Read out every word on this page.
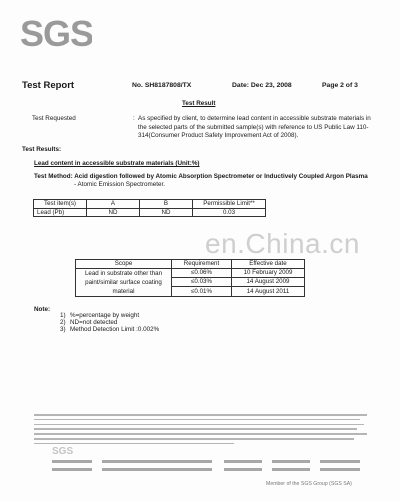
SGS
Test Report	No. SH8187808/TX	Date: Dec 23, 2008	Page 2 of 3
Test Result
Test Requested	: As specified by client, to determine lead content in accessible substrate materials in the selected parts of the submitted sample(s) with reference to US Public Law 110-314(Consumer Product Safety Improvement Act of 2008).
Test Results:
Lead content in accessible substrate materials (Unit:%)
Test Method: Acid digestion followed by Atomic Absorption Spectrometer or Inductively Coupled Argon Plasma
- Atomic Emission Spectrometer.
Test item(s)	A	B	Permissible Limit**
Lead (Pb)	ND	ND	0.03
en.China.cn
Scope	Requirement	Effective date
Lead in substrate other than paint/similar surface coating material	≤0.06%	10 February 2009
	≤0.03%	14 August 2009
	≤0.01%	14 August 2011
Note:
1) %=percentage by weight
2) ND=not detected
3) Method Detection Limit :0.002%
SGS
Member of the SGS Group (SGS SA)
